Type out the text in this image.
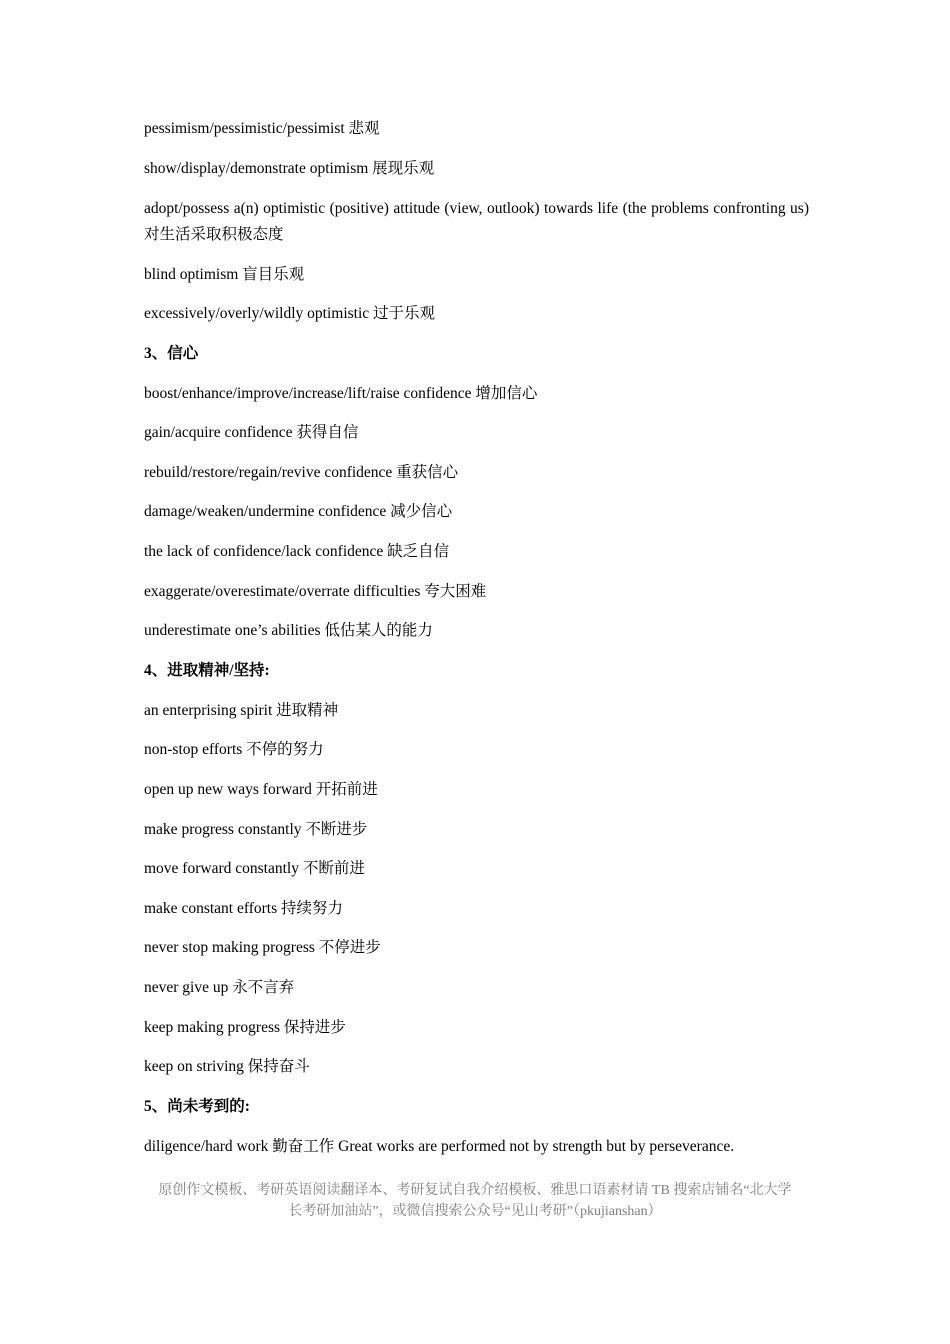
pessimism/pessimistic/pessimist 悲观
show/display/demonstrate optimism 展现乐观
adopt/possess a(n) optimistic (positive) attitude (view, outlook) towards life (the problems confronting us) 对生活采取积极态度
blind optimism 盲目乐观
excessively/overly/wildly optimistic 过于乐观
3、信心
boost/enhance/improve/increase/lift/raise confidence 增加信心
gain/acquire confidence 获得自信
rebuild/restore/regain/revive confidence 重获信心
damage/weaken/undermine confidence 减少信心
the lack of confidence/lack confidence 缺乏自信
exaggerate/overestimate/overrate difficulties 夸大困难
underestimate one’s abilities 低估某人的能力
4、进取精神/坚持:
an enterprising spirit 进取精神
non-stop efforts 不停的努力
open up new ways forward 开拓前进
make progress constantly 不断进步
move forward constantly 不断前进
make constant efforts 持续努力
never stop making progress 不停进步
never give up 永不言弃
keep making progress 保持进步
keep on striving 保持奋斗
5、尚未考到的:
diligence/hard work 勤奋工作 Great works are performed not by strength but by perseverance.
原创作文模板、考研英语阅读翻译本、考研复试自我介绍模板、雅思口语素材请 TB 搜索店铺名“北大学
长考研加油站”，或微信搜索公众号“见山考研”（pkujianshan）
